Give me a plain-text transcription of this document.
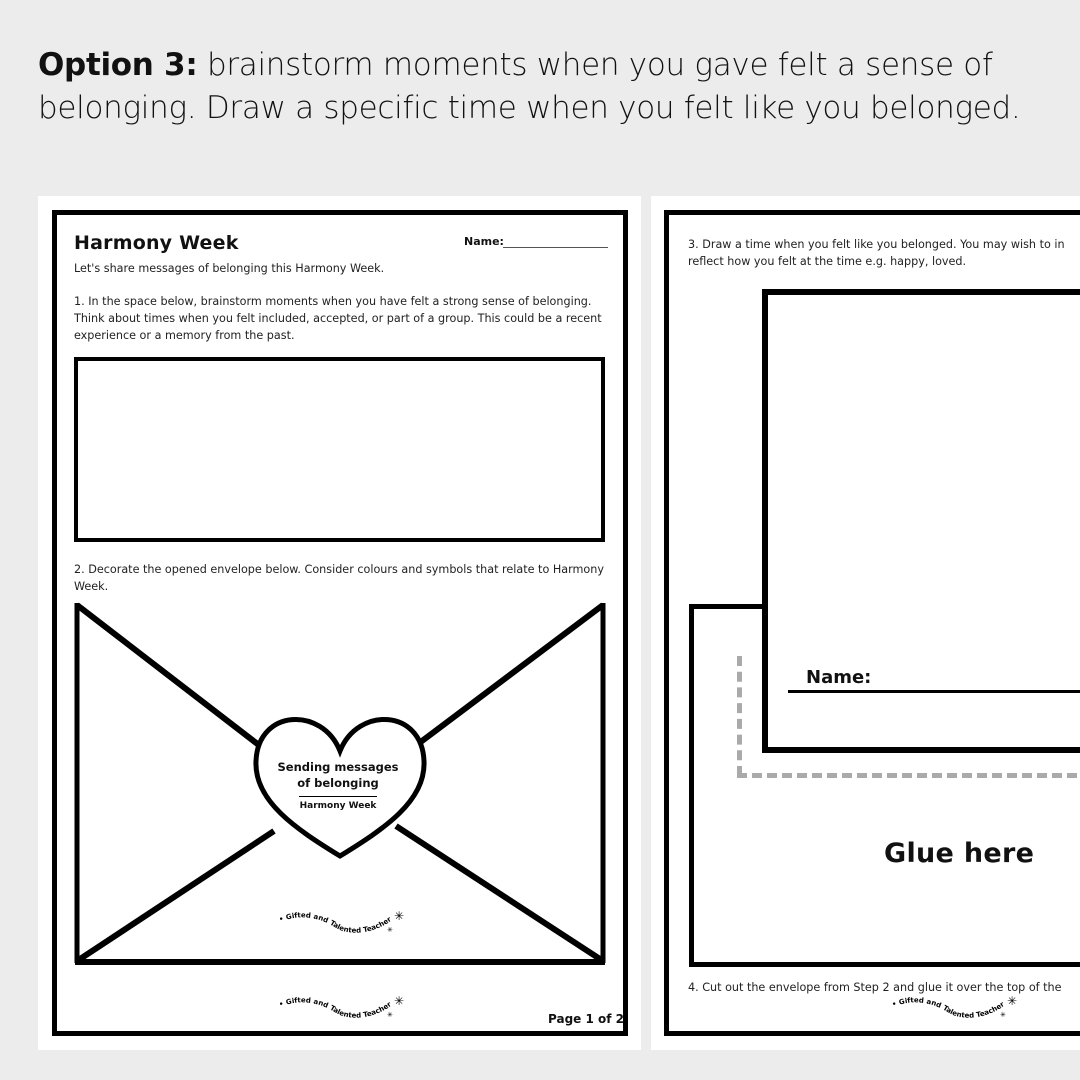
Option 3: brainstorm moments when you gave felt a sense of belonging. Draw a specific time when you felt like you belonged.
Harmony Week	Name:
Let's share messages of belonging this Harmony Week.
1. In the space below, brainstorm moments when you have felt a strong sense of belonging. Think about times when you felt included, accepted, or part of a group. This could be a recent experience or a memory from the past.
2. Decorate the opened envelope below. Consider colours and symbols that relate to Harmony Week.
Sending messages
of belonging
Harmony Week
• Gifted and Talented Teacher ✳
✳
• Gifted and Talented Teacher ✳
✳	Page 1 of 2
3. Draw a time when you felt like you belonged. You may wish to in
reflect how you felt at the time e.g. happy, loved.
Name:
Glue here
4. Cut out the envelope from Step 2 and glue it over the top of the
• Gifted and Talented Teacher ✳
✳
